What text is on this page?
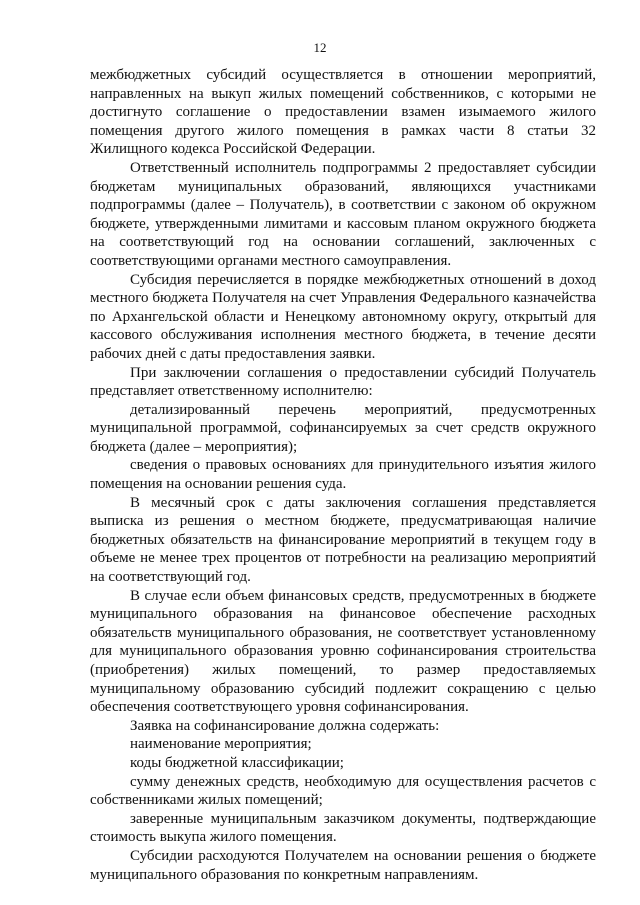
12

межбюджетных субсидий осуществляется в отношении мероприятий, направленных на выкуп жилых помещений собственников, с которыми не достигнуто соглашение о предоставлении взамен изымаемого жилого помещения другого жилого помещения в рамках части 8 статьи 32 Жилищного кодекса Российской Федерации.

Ответственный исполнитель подпрограммы 2 предоставляет субсидии бюджетам муниципальных образований, являющихся участниками подпрограммы (далее – Получатель), в соответствии с законом об окружном бюджете, утвержденными лимитами и кассовым планом окружного бюджета на соответствующий год на основании соглашений, заключенных с соответствующими органами местного самоуправления.

Субсидия перечисляется в порядке межбюджетных отношений в доход местного бюджета Получателя на счет Управления Федерального казначейства по Архангельской области и Ненецкому автономному округу, открытый для кассового обслуживания исполнения местного бюджета, в течение десяти рабочих дней с даты предоставления заявки.

При заключении соглашения о предоставлении субсидий Получатель представляет ответственному исполнителю:

детализированный перечень мероприятий, предусмотренных муниципальной программой, софинансируемых за счет средств окружного бюджета (далее – мероприятия);

сведения о правовых основаниях для принудительного изъятия жилого помещения на основании решения суда.

В месячный срок с даты заключения соглашения представляется выписка из решения о местном бюджете, предусматривающая наличие бюджетных обязательств на финансирование мероприятий в текущем году в объеме не менее трех процентов от потребности на реализацию мероприятий на соответствующий год.

В случае если объем финансовых средств, предусмотренных в бюджете муниципального образования на финансовое обеспечение расходных обязательств муниципального образования, не соответствует установленному для муниципального образования уровню софинансирования строительства (приобретения) жилых помещений, то размер предоставляемых муниципальному образованию субсидий подлежит сокращению с целью обеспечения соответствующего уровня софинансирования.

Заявка на софинансирование должна содержать:

наименование мероприятия;

коды бюджетной классификации;

сумму денежных средств, необходимую для осуществления расчетов с собственниками жилых помещений;

заверенные муниципальным заказчиком документы, подтверждающие стоимость выкупа жилого помещения.

Субсидии расходуются Получателем на основании решения о бюджете муниципального образования по конкретным направлениям.
